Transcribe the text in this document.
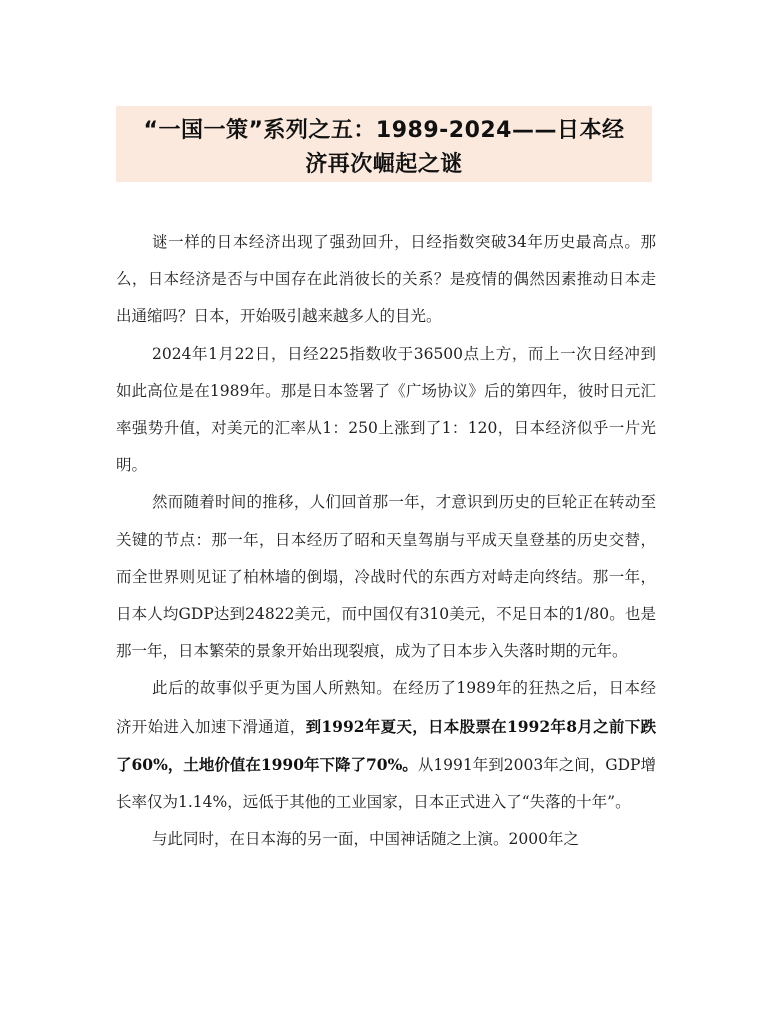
“一国一策”系列之五：1989-2024——日本经
济再次崛起之谜

谜一样的日本经济出现了强劲回升，日经指数突破34年历史最高点。那么，日本经济是否与中国存在此消彼长的关系？是疫情的偶然因素推动日本走出通缩吗？日本，开始吸引越来越多人的目光。

2024年1月22日，日经225指数收于36500点上方，而上一次日经冲到如此高位是在1989年。那是日本签署了《广场协议》后的第四年，彼时日元汇率强势升值，对美元的汇率从1：250上涨到了1：120，日本经济似乎一片光明。

然而随着时间的推移，人们回首那一年，才意识到历史的巨轮正在转动至关键的节点：那一年，日本经历了昭和天皇驾崩与平成天皇登基的历史交替，而全世界则见证了柏林墙的倒塌，冷战时代的东西方对峙走向终结。那一年，日本人均GDP达到24822美元，而中国仅有310美元，不足日本的1/80。也是那一年，日本繁荣的景象开始出现裂痕，成为了日本步入失落时期的元年。

此后的故事似乎更为国人所熟知。在经历了1989年的狂热之后，日本经济开始进入加速下滑通道，到1992年夏天，日本股票在1992年8月之前下跌了60%，土地价值在1990年下降了70%。从1991年到2003年之间，GDP增长率仅为1.14%，远低于其他的工业国家，日本正式进入了“失落的十年”。

与此同时，在日本海的另一面，中国神话随之上演。2000年之
